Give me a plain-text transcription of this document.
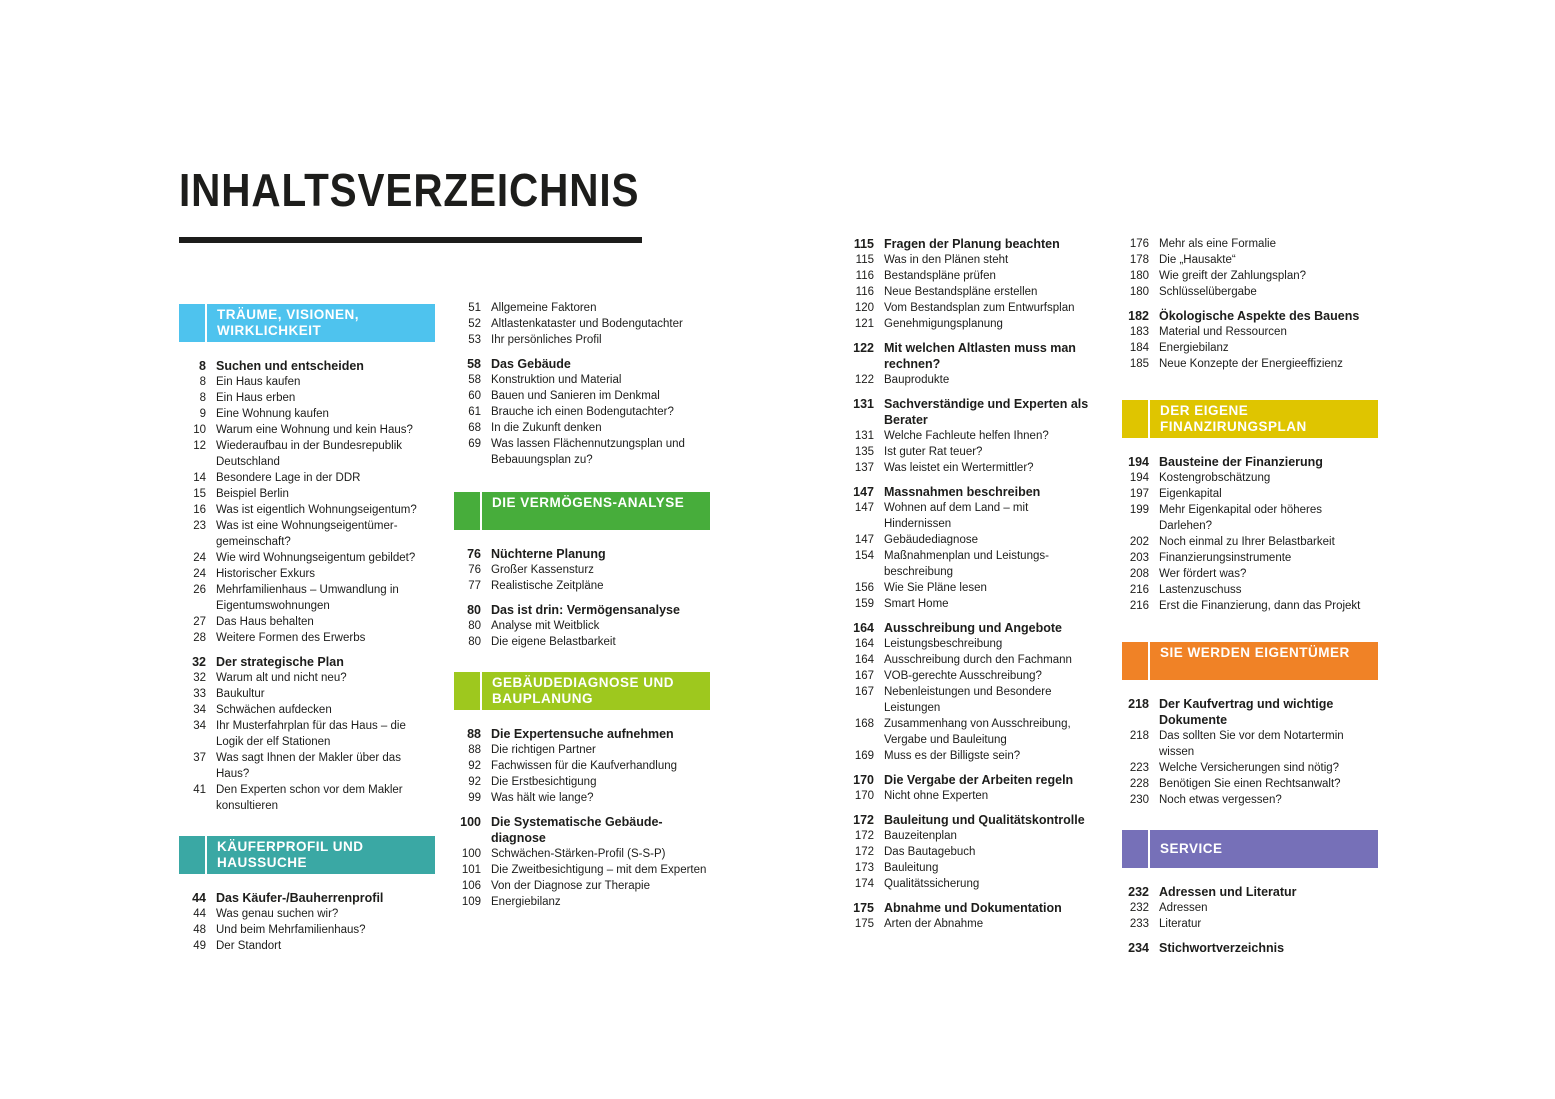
INHALTSVERZEICHNIS
TRÄUME, VISIONEN, WIRKLICHKEIT
8 Suchen und entscheiden
8 Ein Haus kaufen
8 Ein Haus erben
9 Eine Wohnung kaufen
10 Warum eine Wohnung und kein Haus?
12 Wiederaufbau in der Bundesrepublik Deutschland
14 Besondere Lage in der DDR
15 Beispiel Berlin
16 Was ist eigentlich Wohnungseigentum?
23 Was ist eine Wohnungseigentümer-gemeinschaft?
24 Wie wird Wohnungseigentum gebildet?
24 Historischer Exkurs
26 Mehrfamilienhaus – Umwandlung in Eigentumswohnungen
27 Das Haus behalten
28 Weitere Formen des Erwerbs
32 Der strategische Plan
32 Warum alt und nicht neu?
33 Baukultur
34 Schwächen aufdecken
34 Ihr Musterfahrplan für das Haus – die Logik der elf Stationen
37 Was sagt Ihnen der Makler über das Haus?
41 Den Experten schon vor dem Makler konsultieren
KÄUFERPROFIL UND HAUSSUCHE
44 Das Käufer-/Bauherrenprofil
44 Was genau suchen wir?
48 Und beim Mehrfamilienhaus?
49 Der Standort
51 Allgemeine Faktoren
52 Altlastenkataster und Bodengutachter
53 Ihr persönliches Profil
58 Das Gebäude
58 Konstruktion und Material
60 Bauen und Sanieren im Denkmal
61 Brauche ich einen Bodengutachter?
68 In die Zukunft denken
69 Was lassen Flächennutzungsplan und Bebauungsplan zu?
DIE VERMÖGENS-ANALYSE
76 Nüchterne Planung
76 Großer Kassensturz
77 Realistische Zeitpläne
80 Das ist drin: Vermögensanalyse
80 Analyse mit Weitblick
80 Die eigene Belastbarkeit
GEBÄUDEDIAGNOSE UND BAUPLANUNG
88 Die Expertensuche aufnehmen
88 Die richtigen Partner
92 Fachwissen für die Kaufverhandlung
92 Die Erstbesichtigung
99 Was hält wie lange?
100 Die Systematische Gebäude-diagnose
100 Schwächen-Stärken-Profil (S-S-P)
101 Die Zweitbesichtigung – mit dem Experten
106 Von der Diagnose zur Therapie
109 Energiebilanz
115 Fragen der Planung beachten
115 Was in den Plänen steht
116 Bestandspläne prüfen
116 Neue Bestandspläne erstellen
120 Vom Bestandsplan zum Entwurfsplan
121 Genehmigungsplanung
122 Mit welchen Altlasten muss man rechnen?
122 Bauprodukte
131 Sachverständige und Experten als Berater
131 Welche Fachleute helfen Ihnen?
135 Ist guter Rat teuer?
137 Was leistet ein Wertermittler?
147 Massnahmen beschreiben
147 Wohnen auf dem Land – mit Hindernissen
147 Gebäudediagnose
154 Maßnahmenplan und Leistungs-beschreibung
156 Wie Sie Pläne lesen
159 Smart Home
164 Ausschreibung und Angebote
164 Leistungsbeschreibung
164 Ausschreibung durch den Fachmann
167 VOB-gerechte Ausschreibung?
167 Nebenleistungen und Besondere Leistungen
168 Zusammenhang von Ausschreibung, Vergabe und Bauleitung
169 Muss es der Billigste sein?
170 Die Vergabe der Arbeiten regeln
170 Nicht ohne Experten
172 Bauleitung und Qualitätskontrolle
172 Bauzeitenplan
172 Das Bautagebuch
173 Bauleitung
174 Qualitätssicherung
175 Abnahme und Dokumentation
175 Arten der Abnahme
176 Mehr als eine Formalie
178 Die „Hausakte“
180 Wie greift der Zahlungsplan?
180 Schlüsselübergabe
182 Ökologische Aspekte des Bauens
183 Material und Ressourcen
184 Energiebilanz
185 Neue Konzepte der Energieeffizienz
DER EIGENE FINANZIRUNGSPLAN
194 Bausteine der Finanzierung
194 Kostengrobschätzung
197 Eigenkapital
199 Mehr Eigenkapital oder höheres Darlehen?
202 Noch einmal zu Ihrer Belastbarkeit
203 Finanzierungsinstrumente
208 Wer fördert was?
216 Lastenzuschuss
216 Erst die Finanzierung, dann das Projekt
SIE WERDEN EIGENTÜMER
218 Der Kaufvertrag und wichtige Dokumente
218 Das sollten Sie vor dem Notartermin wissen
223 Welche Versicherungen sind nötig?
228 Benötigen Sie einen Rechtsanwalt?
230 Noch etwas vergessen?
SERVICE
232 Adressen und Literatur
232 Adressen
233 Literatur
234 Stichwortverzeichnis
